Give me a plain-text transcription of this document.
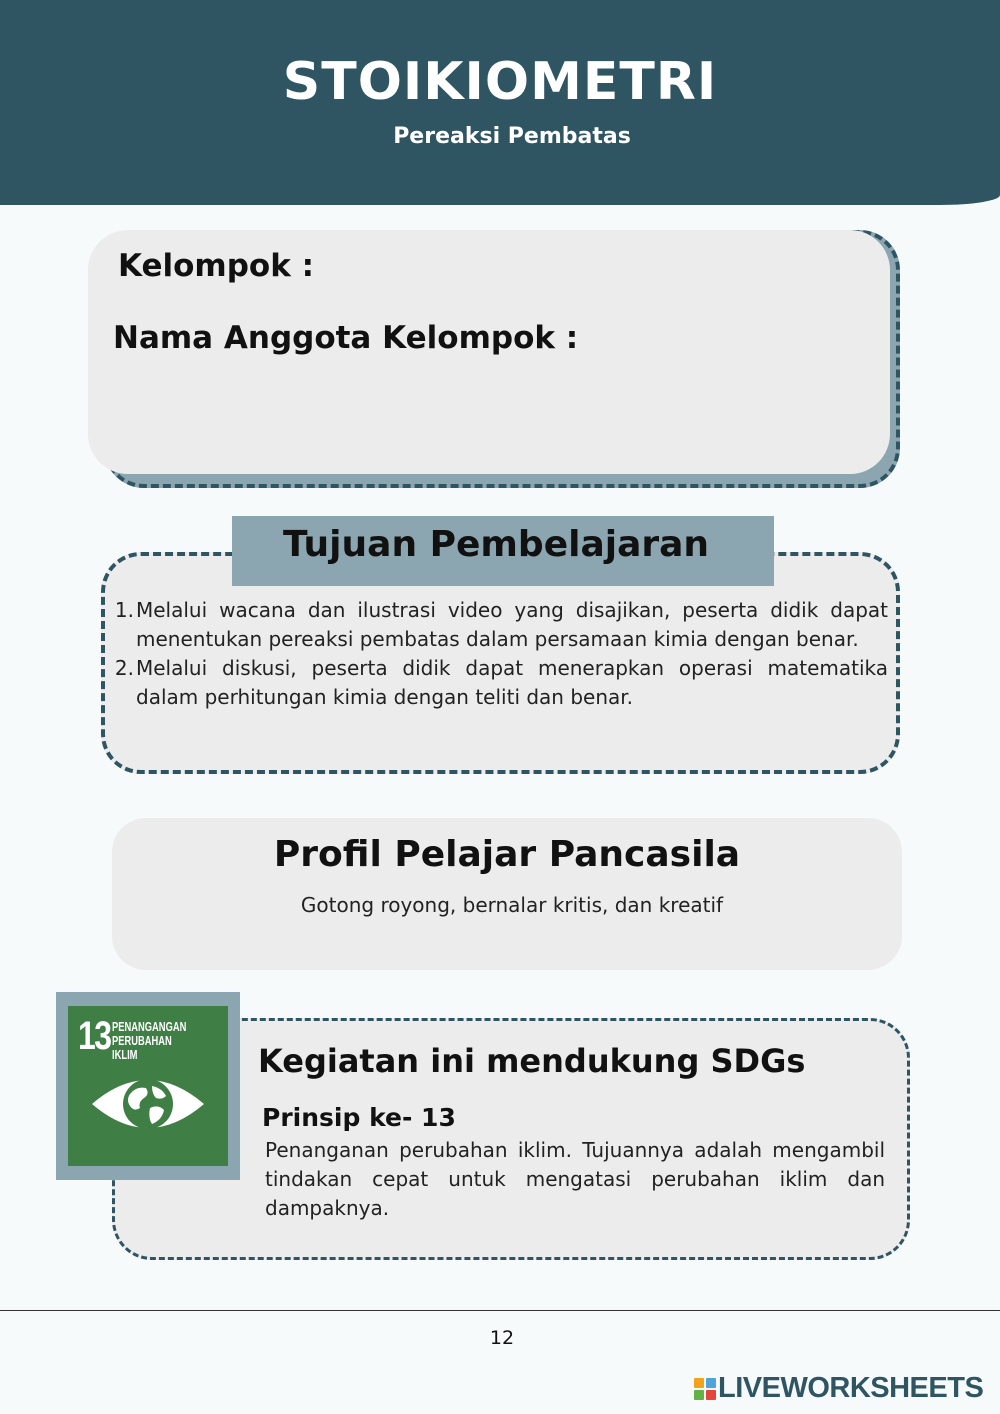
STOIKIOMETRI
Pereaksi Pembatas
Kelompok :
Nama Anggota Kelompok :
Tujuan Pembelajaran
1. Melalui wacana dan ilustrasi video yang disajikan, peserta didik dapat menentukan pereaksi pembatas dalam persamaan kimia dengan benar.
2. Melalui diskusi, peserta didik dapat menerapkan operasi matematika dalam perhitungan kimia dengan teliti dan benar.
Profil Pelajar Pancasila
Gotong royong, bernalar kritis, dan kreatif
13 PENANGANGAN
PERUBAHAN IKLIM	Kegiatan ini mendukung SDGs
Prinsip ke- 13
Penanganan perubahan iklim. Tujuannya adalah mengambil tindakan cepat untuk mengatasi perubahan iklim dan dampaknya.
12
LIVEWORKSHEETS
